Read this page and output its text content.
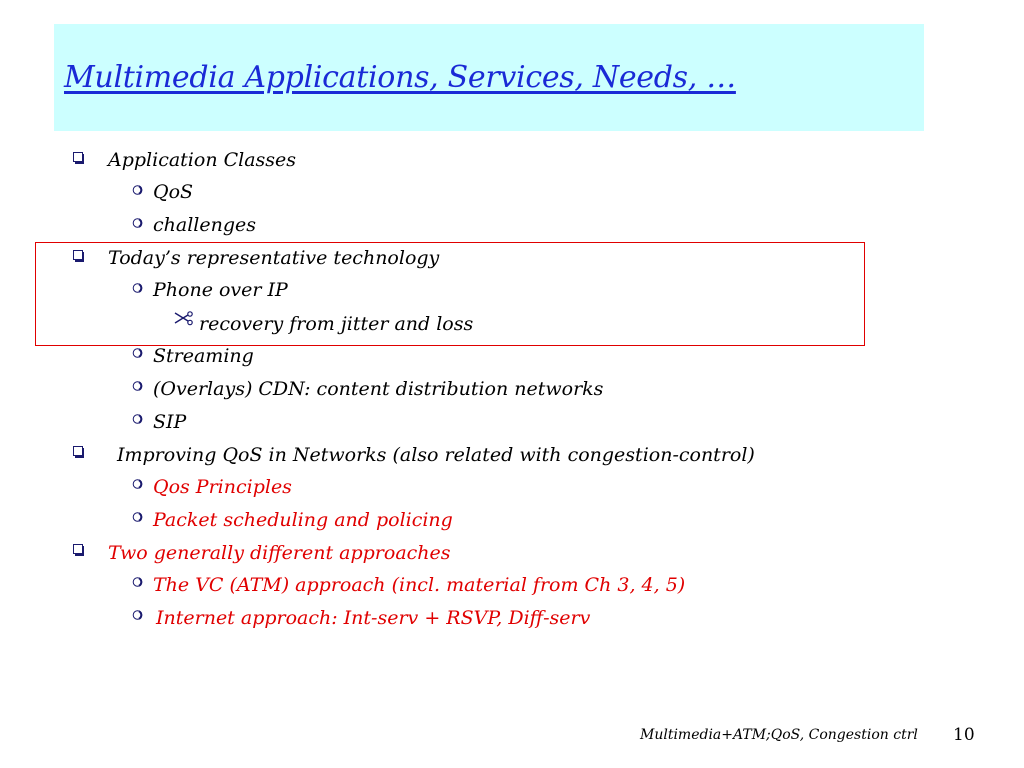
Multimedia Applications, Services, Needs, …
Application Classes
QoS
challenges
Today’s representative technology
Phone over IP
recovery from jitter and loss
Streaming
(Overlays) CDN: content distribution networks
SIP
Improving QoS in Networks (also related with congestion-control)
Qos Principles
Packet scheduling and policing
Two generally different approaches
The VC (ATM) approach (incl. material from Ch 3, 4, 5)
Internet approach: Int-serv + RSVP, Diff-serv
Multimedia+ATM;QoS, Congestion ctrl 10
